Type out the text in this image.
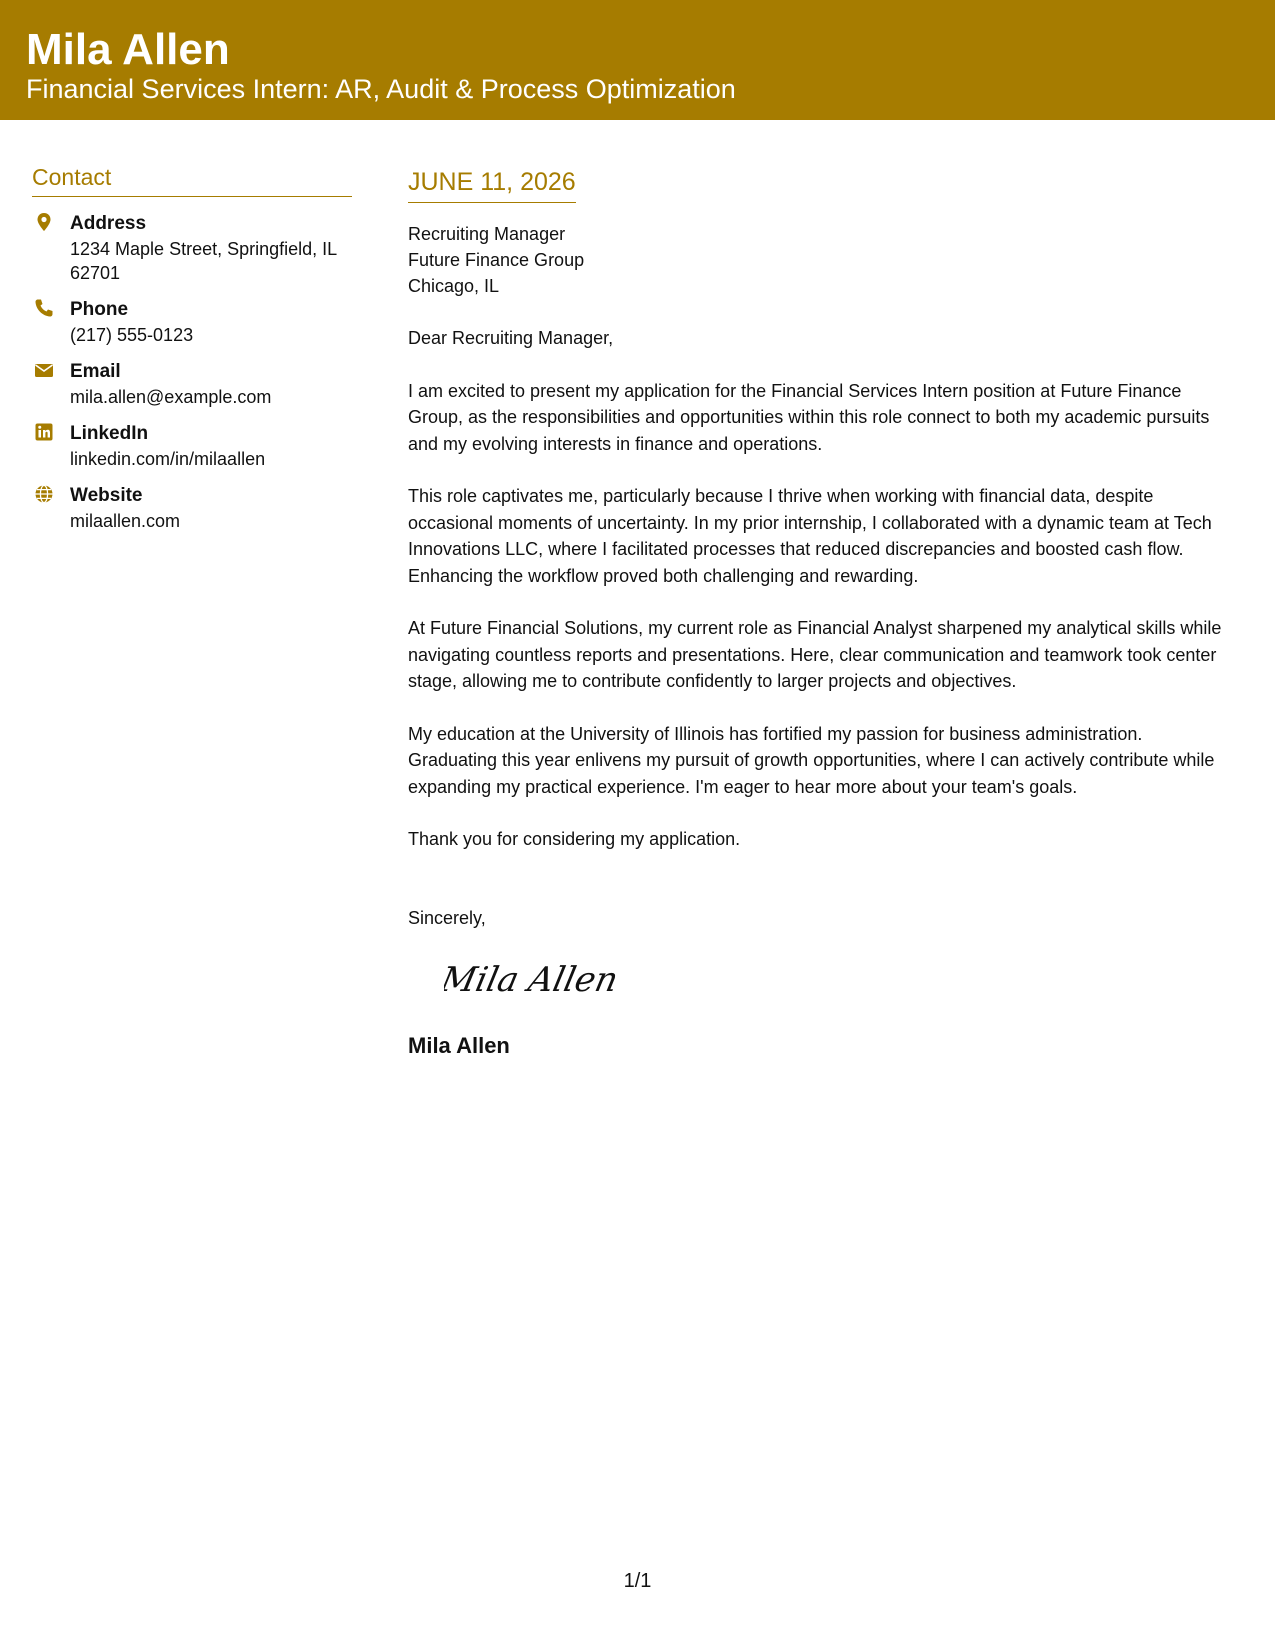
Mila Allen
Financial Services Intern: AR, Audit & Process Optimization
Contact
Address
1234 Maple Street, Springfield, IL 62701
Phone
(217) 555-0123
Email
mila.allen@example.com
LinkedIn
linkedin.com/in/milaallen
Website
milaallen.com
JUNE 11, 2026
Recruiting Manager
Future Finance Group
Chicago, IL
Dear Recruiting Manager,

I am excited to present my application for the Financial Services Intern position at Future Finance Group, as the responsibilities and opportunities within this role connect to both my academic pursuits and my evolving interests in finance and operations.

This role captivates me, particularly because I thrive when working with financial data, despite occasional moments of uncertainty. In my prior internship, I collaborated with a dynamic team at Tech Innovations LLC, where I facilitated processes that reduced discrepancies and boosted cash flow. Enhancing the workflow proved both challenging and rewarding.

At Future Financial Solutions, my current role as Financial Analyst sharpened my analytical skills while navigating countless reports and presentations. Here, clear communication and teamwork took center stage, allowing me to contribute confidently to larger projects and objectives.

My education at the University of Illinois has fortified my passion for business administration. Graduating this year enlivens my pursuit of growth opportunities, where I can actively contribute while expanding my practical experience. I'm eager to hear more about your team's goals.

Thank you for considering my application.

Sincerely,
Mila Allen
Mila Allen
1/1
